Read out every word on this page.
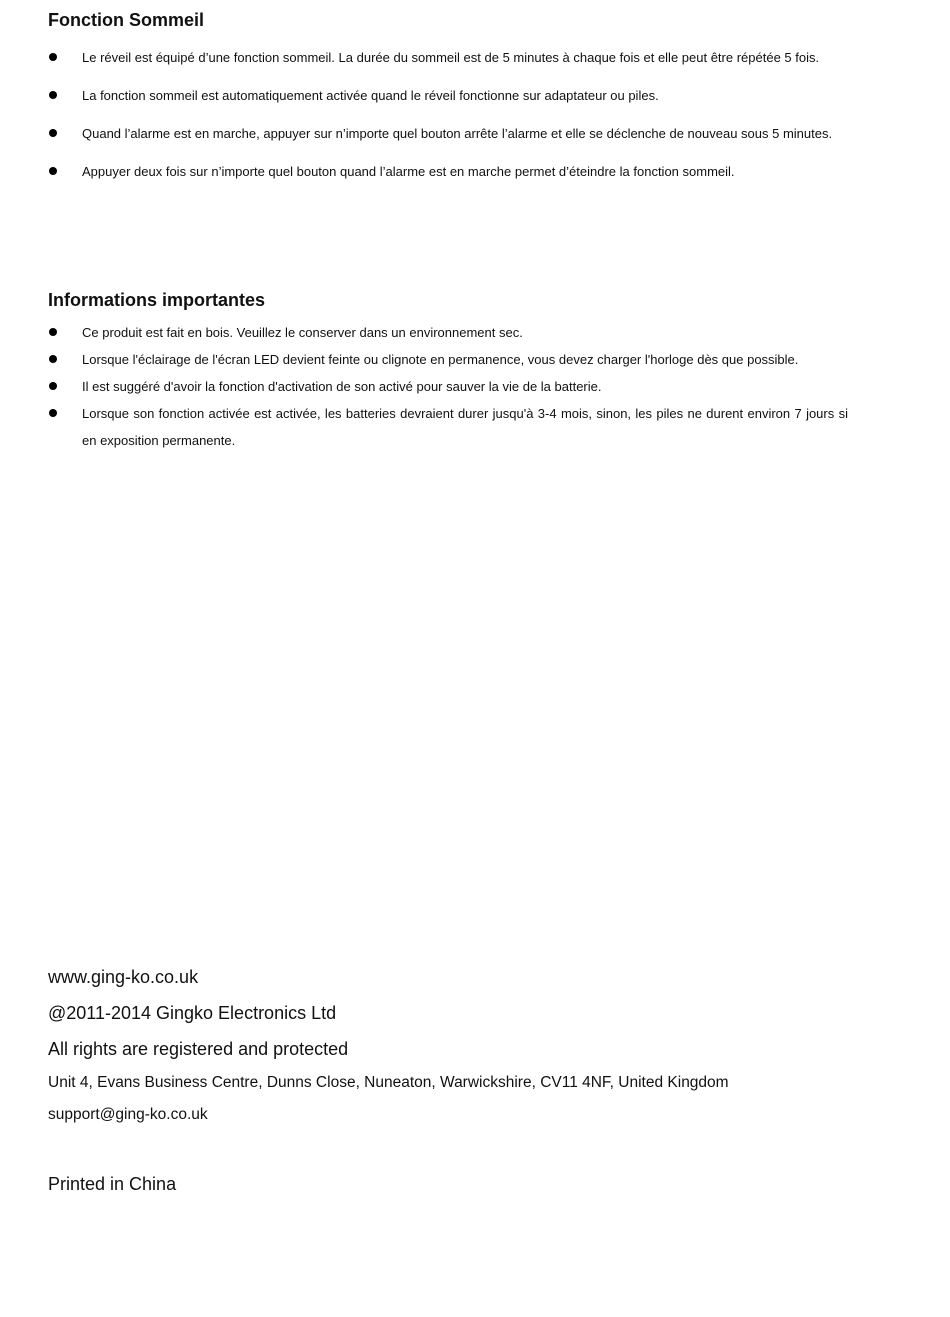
Fonction Sommeil
Le réveil est équipé d’une fonction sommeil. La durée du sommeil est de 5 minutes à chaque fois et elle peut être répétée 5 fois.
La fonction sommeil est automatiquement activée quand le réveil fonctionne sur adaptateur ou piles.
Quand l’alarme est en marche, appuyer sur n’importe quel bouton arrête l’alarme et elle se déclenche de nouveau sous 5 minutes.
Appuyer deux fois sur n’importe quel bouton quand l’alarme est en marche permet d’éteindre la fonction sommeil.
Informations importantes
Ce produit est fait en bois. Veuillez le conserver dans un environnement sec.
Lorsque l'éclairage de l'écran LED devient feinte ou clignote en permanence, vous devez charger l'horloge dès que possible.
Il est suggéré d'avoir la fonction d'activation de son activé pour sauver la vie de la batterie.
Lorsque son fonction activée est activée, les batteries devraient durer jusqu'à 3-4 mois, sinon, les piles ne durent environ 7 jours si en exposition permanente.
www.ging-ko.co.uk

@2011-2014 Gingko Electronics Ltd

All rights are registered and protected

Unit 4, Evans Business Centre, Dunns Close, Nuneaton, Warwickshire, CV11 4NF, United Kingdom

support@ging-ko.co.uk

Printed in China
